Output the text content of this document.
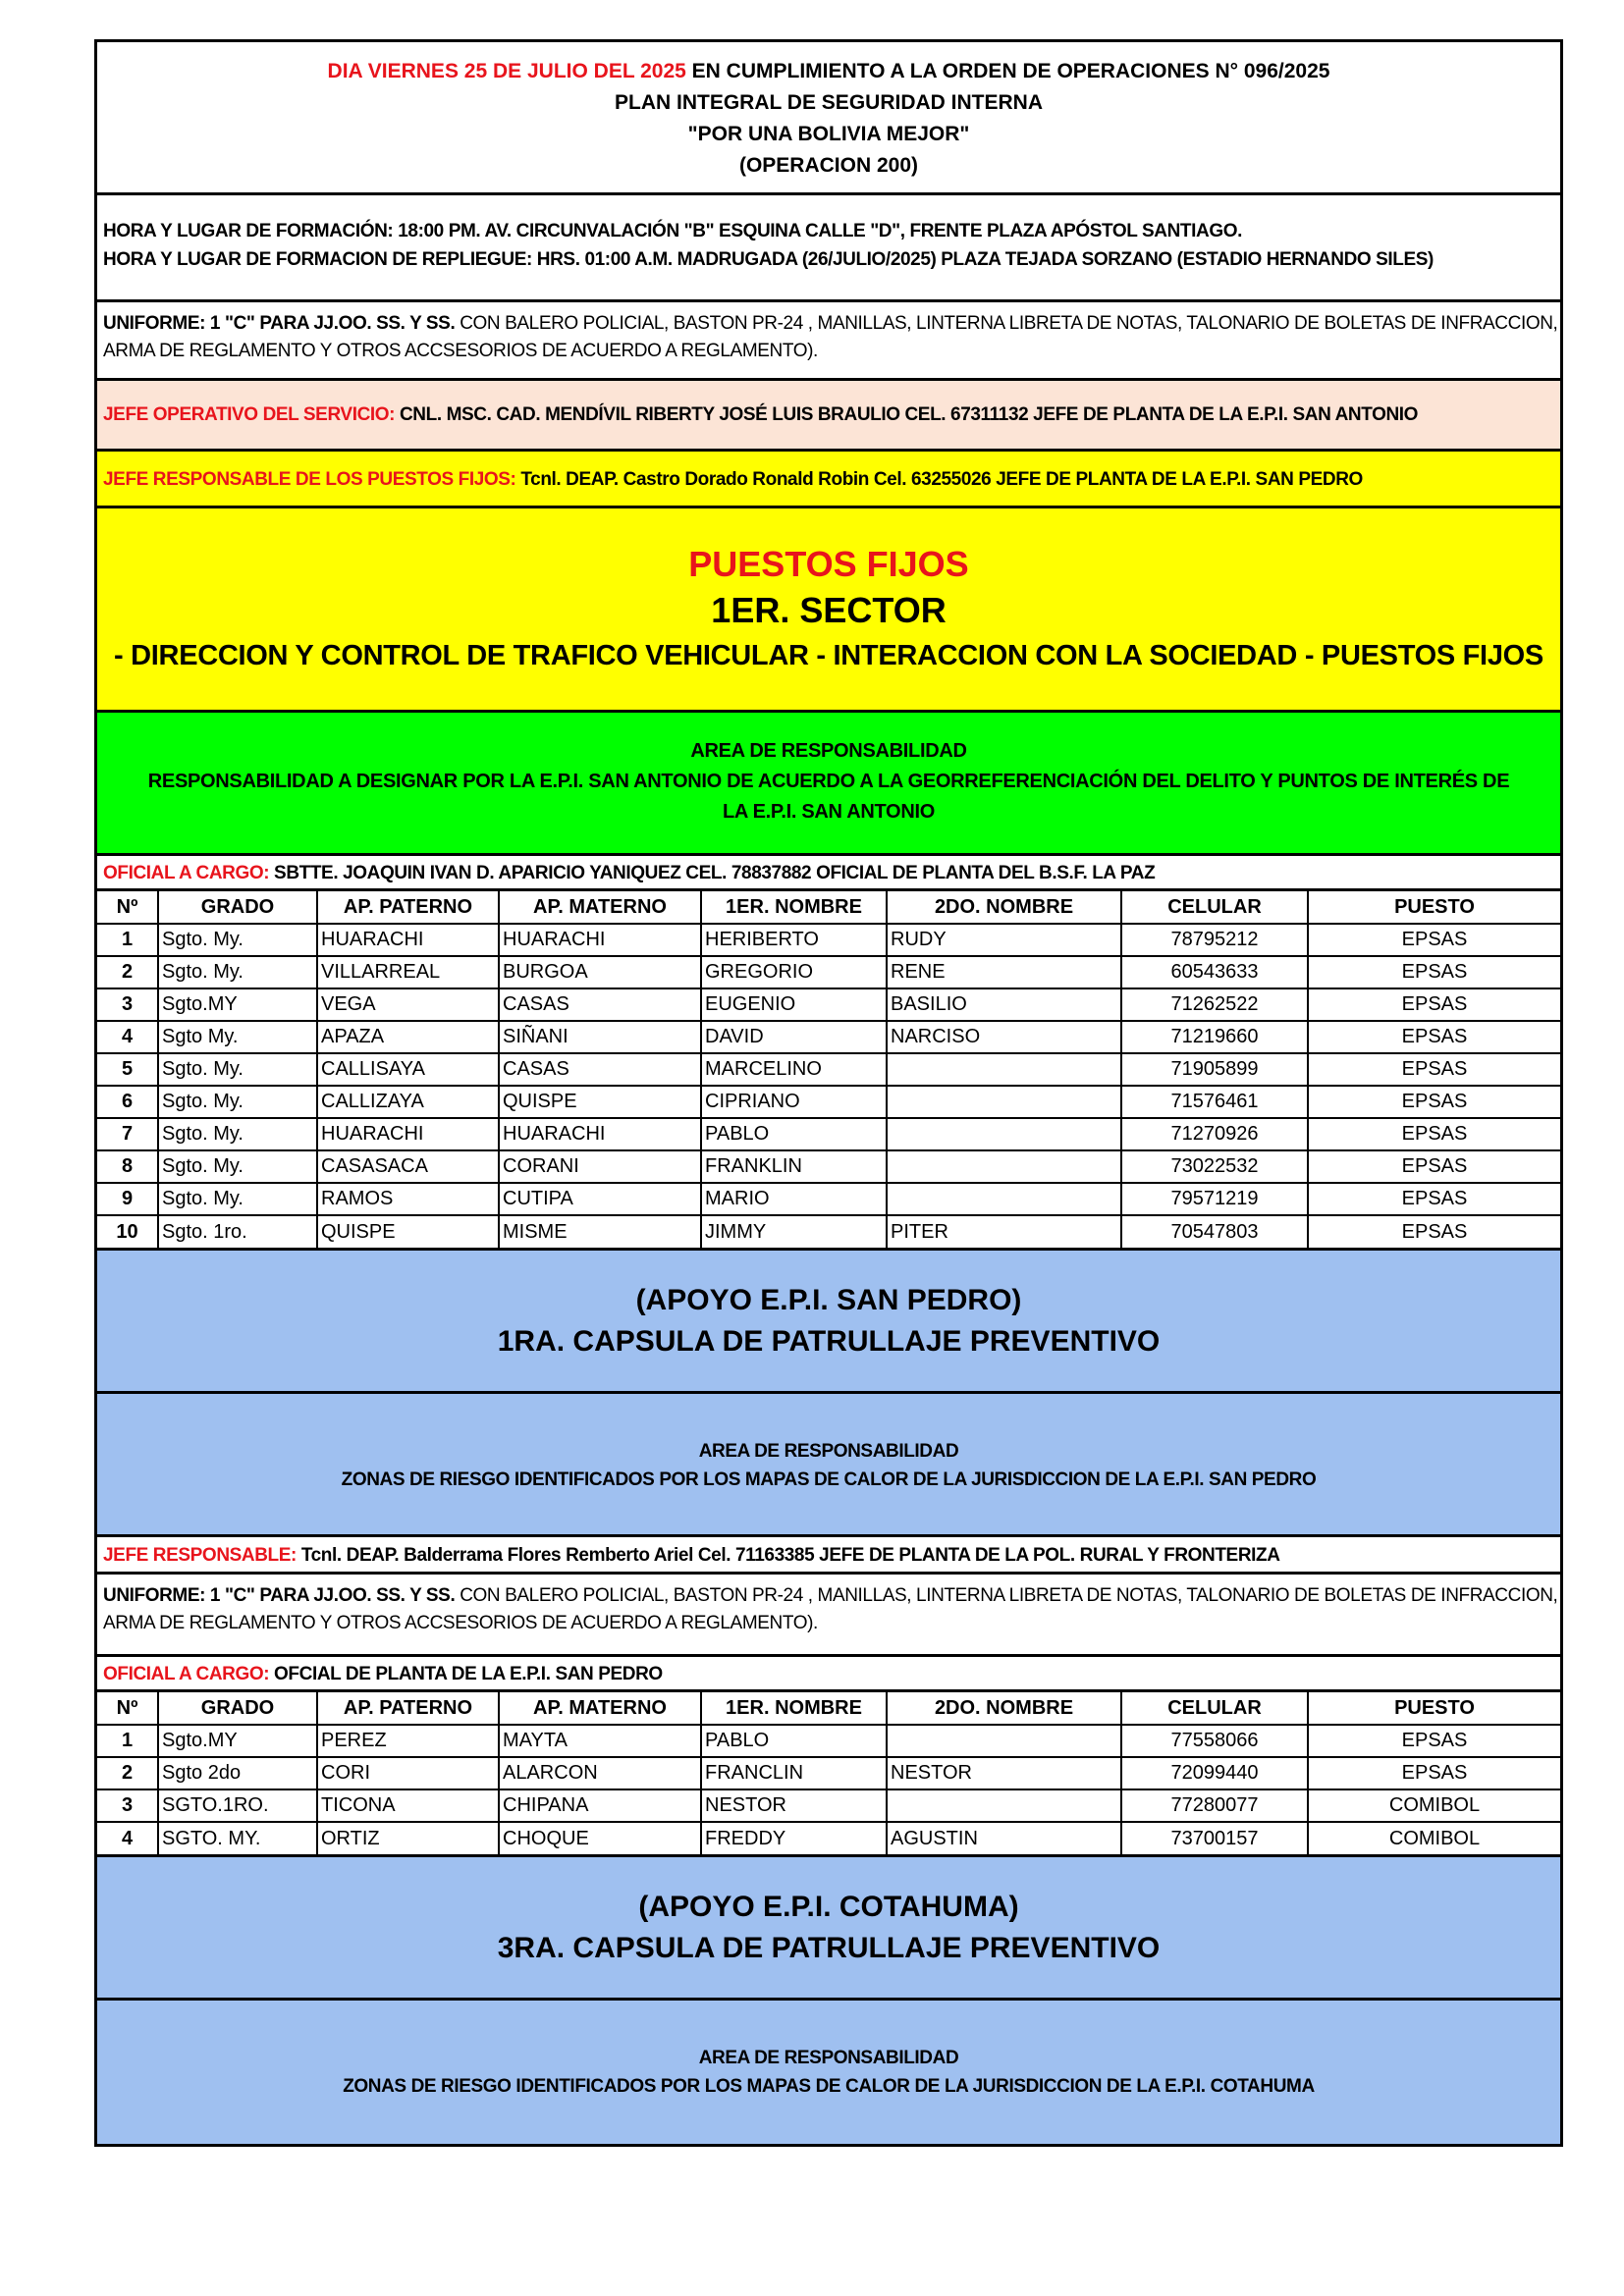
DIA VIERNES 25 DE JULIO DEL 2025 EN CUMPLIMIENTO A LA ORDEN DE OPERACIONES N° 096/2025
PLAN INTEGRAL DE SEGURIDAD INTERNA
"POR UNA BOLIVIA MEJOR"
(OPERACION 200)
HORA Y LUGAR DE FORMACIÓN: 18:00 PM. AV. CIRCUNVALACIÓN "B" ESQUINA CALLE "D", FRENTE PLAZA APÓSTOL SANTIAGO.
HORA Y LUGAR DE FORMACION DE REPLIEGUE: HRS. 01:00 A.M. MADRUGADA (26/JULIO/2025) PLAZA TEJADA SORZANO (ESTADIO HERNANDO SILES)
UNIFORME: 1 "C" PARA JJ.OO. SS. Y SS. CON BALERO POLICIAL, BASTON PR-24 , MANILLAS, LINTERNA LIBRETA DE NOTAS, TALONARIO DE BOLETAS DE INFRACCION, ARMA DE REGLAMENTO Y OTROS ACCSESORIOS DE ACUERDO A REGLAMENTO).
JEFE OPERATIVO DEL SERVICIO: CNL. MSC. CAD. MENDÍVIL RIBERTY JOSÉ LUIS BRAULIO CEL. 67311132 JEFE DE PLANTA DE LA E.P.I. SAN ANTONIO
JEFE RESPONSABLE DE LOS PUESTOS FIJOS: Tcnl. DEAP. Castro Dorado Ronald Robin Cel. 63255026 JEFE DE PLANTA DE LA E.P.I. SAN PEDRO
PUESTOS FIJOS
1ER. SECTOR
- DIRECCION Y CONTROL DE TRAFICO VEHICULAR - INTERACCION CON LA SOCIEDAD - PUESTOS FIJOS
AREA DE RESPONSABILIDAD
RESPONSABILIDAD A DESIGNAR POR LA E.P.I. SAN ANTONIO DE ACUERDO A LA GEORREFERENCIACIÓN DEL DELITO Y PUNTOS DE INTERÉS DE
LA E.P.I. SAN ANTONIO
OFICIAL A CARGO: SBTTE. JOAQUIN IVAN D. APARICIO YANIQUEZ CEL. 78837882 OFICIAL DE PLANTA DEL B.S.F. LA PAZ
Nº	GRADO	AP. PATERNO	AP. MATERNO	1ER. NOMBRE	2DO. NOMBRE	CELULAR	PUESTO
1	Sgto. My.	HUARACHI	HUARACHI	HERIBERTO	RUDY	78795212	EPSAS
2	Sgto. My.	VILLARREAL	BURGOA	GREGORIO	RENE	60543633	EPSAS
3	Sgto.MY	VEGA	CASAS	EUGENIO	BASILIO	71262522	EPSAS
4	Sgto My.	APAZA	SIÑANI	DAVID	NARCISO	71219660	EPSAS
5	Sgto. My.	CALLISAYA	CASAS	MARCELINO		71905899	EPSAS
6	Sgto. My.	CALLIZAYA	QUISPE	CIPRIANO		71576461	EPSAS
7	Sgto. My.	HUARACHI	HUARACHI	PABLO		71270926	EPSAS
8	Sgto. My.	CASASACA	CORANI	FRANKLIN		73022532	EPSAS
9	Sgto. My.	RAMOS	CUTIPA	MARIO		79571219	EPSAS
10	Sgto. 1ro.	QUISPE	MISME	JIMMY	PITER	70547803	EPSAS
(APOYO E.P.I. SAN PEDRO)
1RA. CAPSULA DE PATRULLAJE PREVENTIVO
AREA DE RESPONSABILIDAD
ZONAS DE RIESGO IDENTIFICADOS POR LOS MAPAS DE CALOR DE LA JURISDICCION DE LA E.P.I. SAN PEDRO
JEFE RESPONSABLE: Tcnl. DEAP. Balderrama Flores Remberto Ariel Cel. 71163385 JEFE DE PLANTA DE LA POL. RURAL Y FRONTERIZA
UNIFORME: 1 "C" PARA JJ.OO. SS. Y SS. CON BALERO POLICIAL, BASTON PR-24 , MANILLAS, LINTERNA LIBRETA DE NOTAS, TALONARIO DE BOLETAS DE INFRACCION, ARMA DE REGLAMENTO Y OTROS ACCSESORIOS DE ACUERDO A REGLAMENTO).
OFICIAL A CARGO: OFCIAL DE PLANTA DE LA E.P.I. SAN PEDRO
Nº	GRADO	AP. PATERNO	AP. MATERNO	1ER. NOMBRE	2DO. NOMBRE	CELULAR	PUESTO
1	Sgto.MY	PEREZ	MAYTA	PABLO		77558066	EPSAS
2	Sgto 2do	CORI	ALARCON	FRANCLIN	NESTOR	72099440	EPSAS
3	SGTO.1RO.	TICONA	CHIPANA	NESTOR		77280077	COMIBOL
4	SGTO. MY.	ORTIZ	CHOQUE	FREDDY	AGUSTIN	73700157	COMIBOL
(APOYO E.P.I. COTAHUMA)
3RA. CAPSULA DE PATRULLAJE PREVENTIVO
AREA DE RESPONSABILIDAD
ZONAS DE RIESGO IDENTIFICADOS POR LOS MAPAS DE CALOR DE LA JURISDICCION DE LA E.P.I. COTAHUMA
